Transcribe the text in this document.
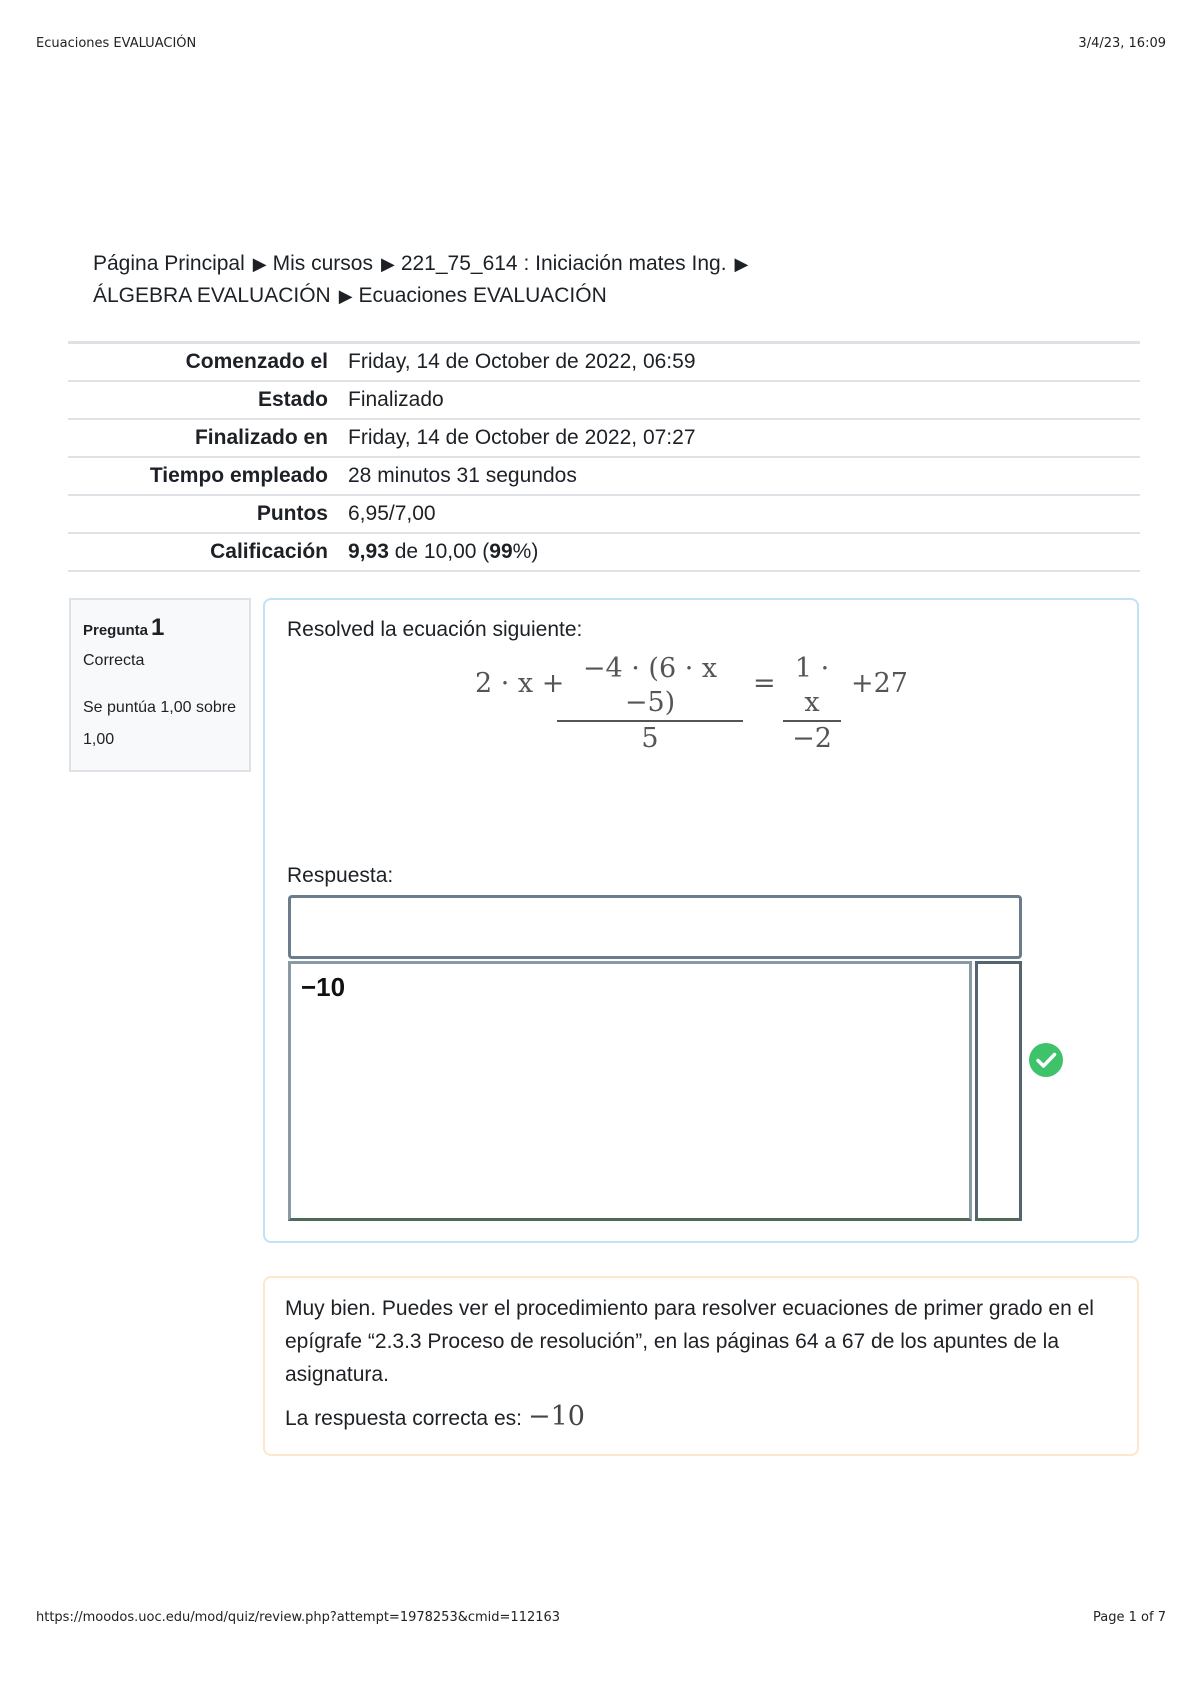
Ecuaciones EVALUACIÓN	3/4/23, 16:09
Página Principal ▶ Mis cursos ▶ 221_75_614 : Iniciación mates Ing. ▶
ÁLGEBRA EVALUACIÓN ▶ Ecuaciones EVALUACIÓN
Comenzado el	Friday, 14 de October de 2022, 06:59
Estado	Finalizado
Finalizado en	Friday, 14 de October de 2022, 07:27
Tiempo empleado	28 minutos 31 segundos
Puntos	6,95/7,00
Calificación	9,93 de 10,00 (99%)
Pregunta 1
Correcta
Se puntúa 1,00 sobre 1,00
Resolved la ecuación siguiente:
2 · x + −4 · (6 · x −5)
5
= 1 · x
−2
+27
Respuesta:
−10
Muy bien. Puedes ver el procedimiento para resolver ecuaciones de primer grado en el epígrafe “2.3.3 Proceso de resolución”, en las páginas 64 a 67 de los apuntes de la asignatura.
La respuesta correcta es: −10
https://moodos.uoc.edu/mod/quiz/review.php?attempt=1978253&cmid=112163	Page 1 of 7
